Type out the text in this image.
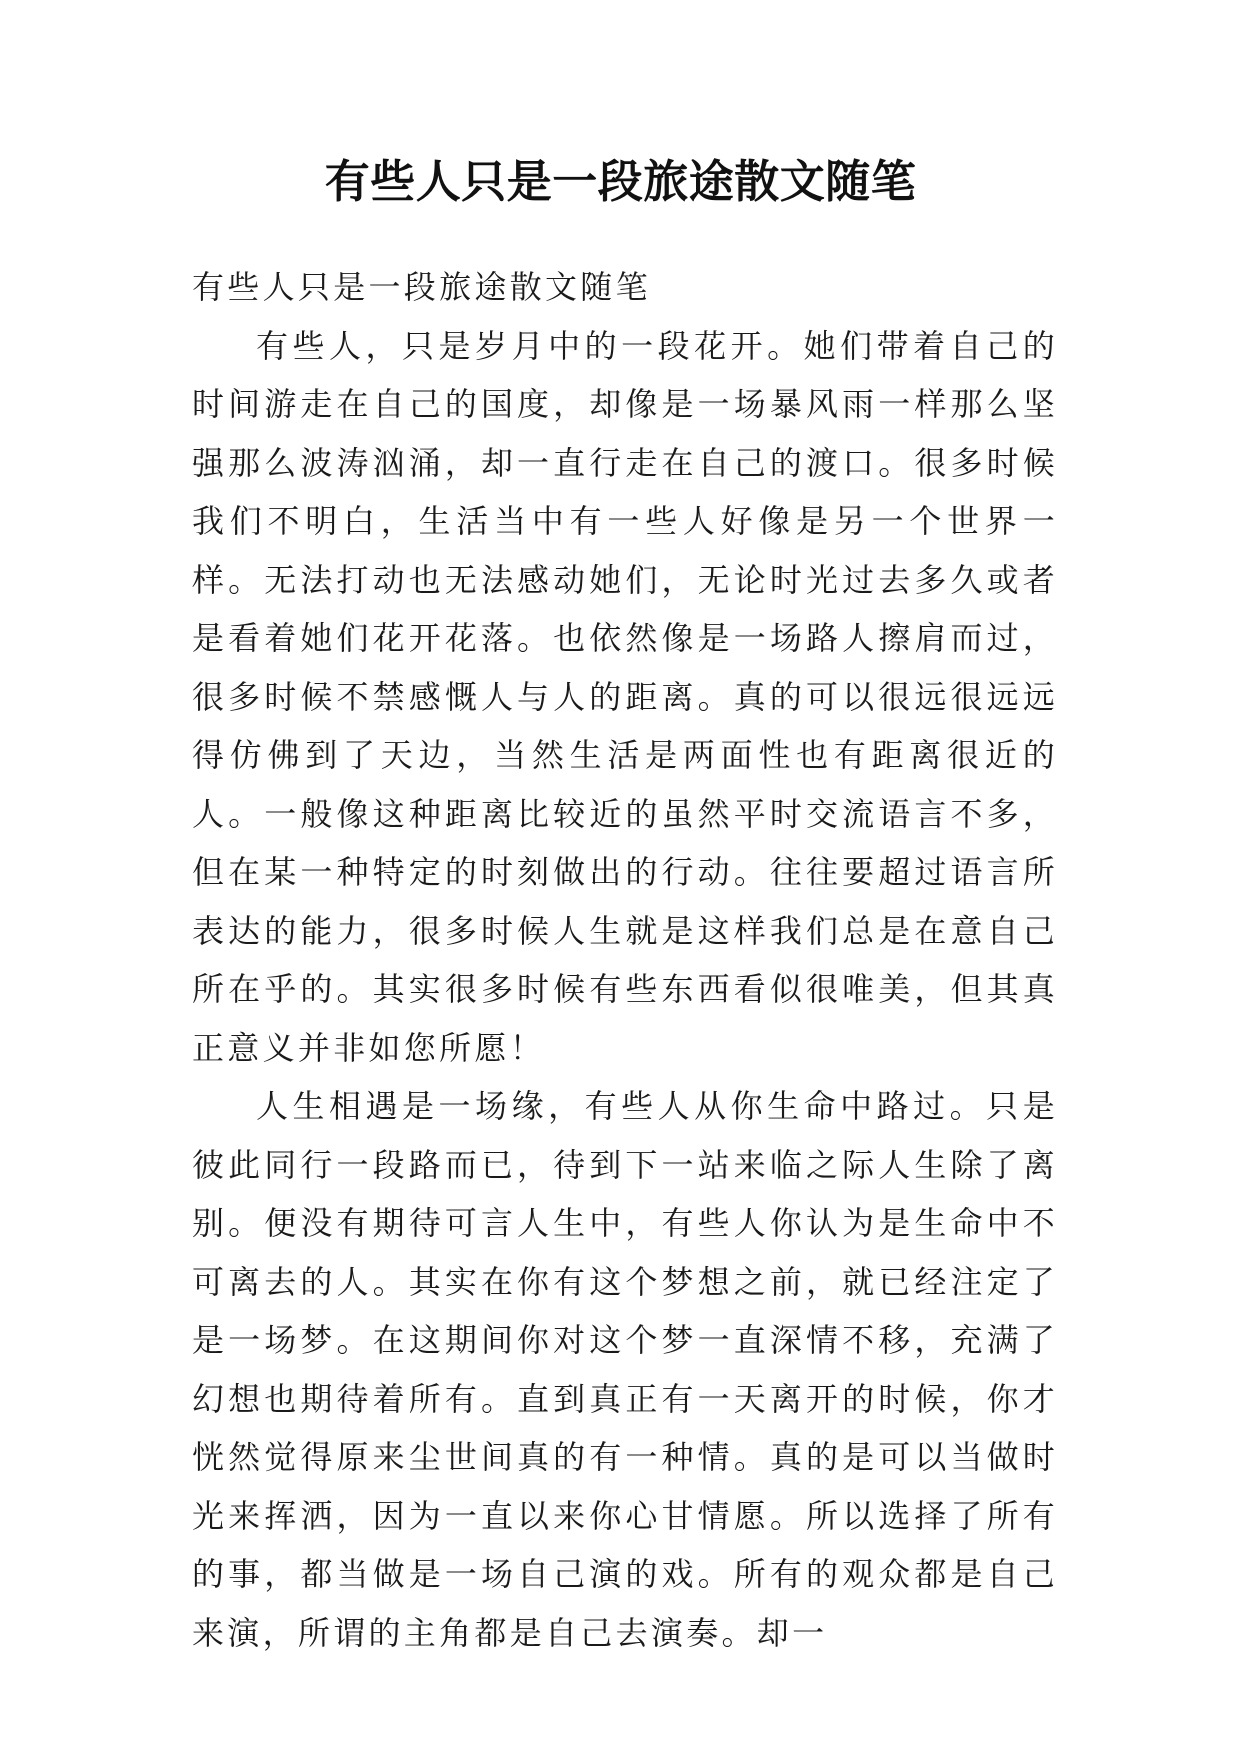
有些人只是一段旅途散文随笔

有些人只是一段旅途散文随笔

有些人，只是岁月中的一段花开。她们带着自己的时间游走在自己的国度，却像是一场暴风雨一样那么坚强那么波涛汹涌，却一直行走在自己的渡口。很多时候我们不明白，生活当中有一些人好像是另一个世界一样。无法打动也无法感动她们，无论时光过去多久或者是看着她们花开花落。也依然像是一场路人擦肩而过，很多时候不禁感慨人与人的距离。真的可以很远很远远得仿佛到了天边，当然生活是两面性也有距离很近的人。一般像这种距离比较近的虽然平时交流语言不多，但在某一种特定的时刻做出的行动。往往要超过语言所表达的能力，很多时候人生就是这样我们总是在意自己所在乎的。其实很多时候有些东西看似很唯美，但其真正意义并非如您所愿！

人生相遇是一场缘，有些人从你生命中路过。只是彼此同行一段路而已，待到下一站来临之际人生除了离别。便没有期待可言人生中，有些人你认为是生命中不可离去的人。其实在你有这个梦想之前，就已经注定了是一场梦。在这期间你对这个梦一直深情不移，充满了幻想也期待着所有。直到真正有一天离开的时候，你才恍然觉得原来尘世间真的有一种情。真的是可以当做时光来挥洒，因为一直以来你心甘情愿。所以选择了所有的事，都当做是一场自己演的戏。所有的观众都是自己来演，所谓的主角都是自己去演奏。却一
